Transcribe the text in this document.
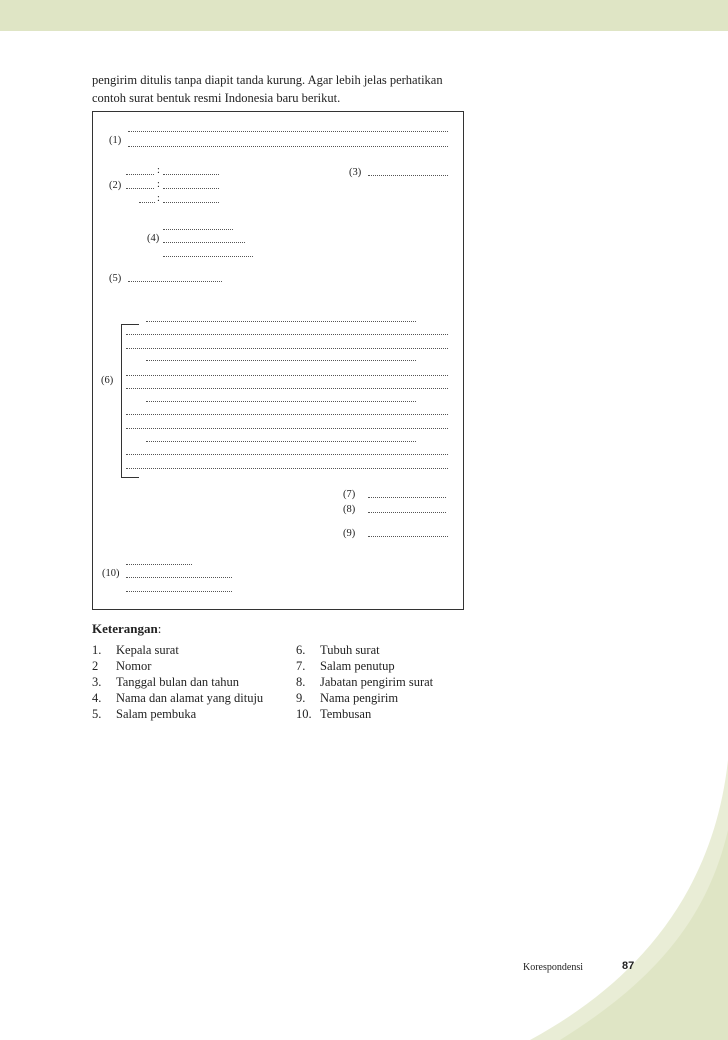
pengirim ditulis tanpa diapit tanda kurung. Agar lebih jelas perhatikan
contoh surat bentuk resmi Indonesia baru berikut.

(1)
:
(2)	:
:
(3)
(4)
(5)
(6)
(7)
(8)
(9)
(10)

Keterangan:

1. Kepala surat
2 Nomor
3. Tanggal bulan dan tahun
4. Nama dan alamat yang dituju
5. Salam pembuka
6. Tubuh surat
7. Salam penutup
8. Jabatan pengirim surat
9. Nama pengirim
10. Tembusan
Korespondensi	87
